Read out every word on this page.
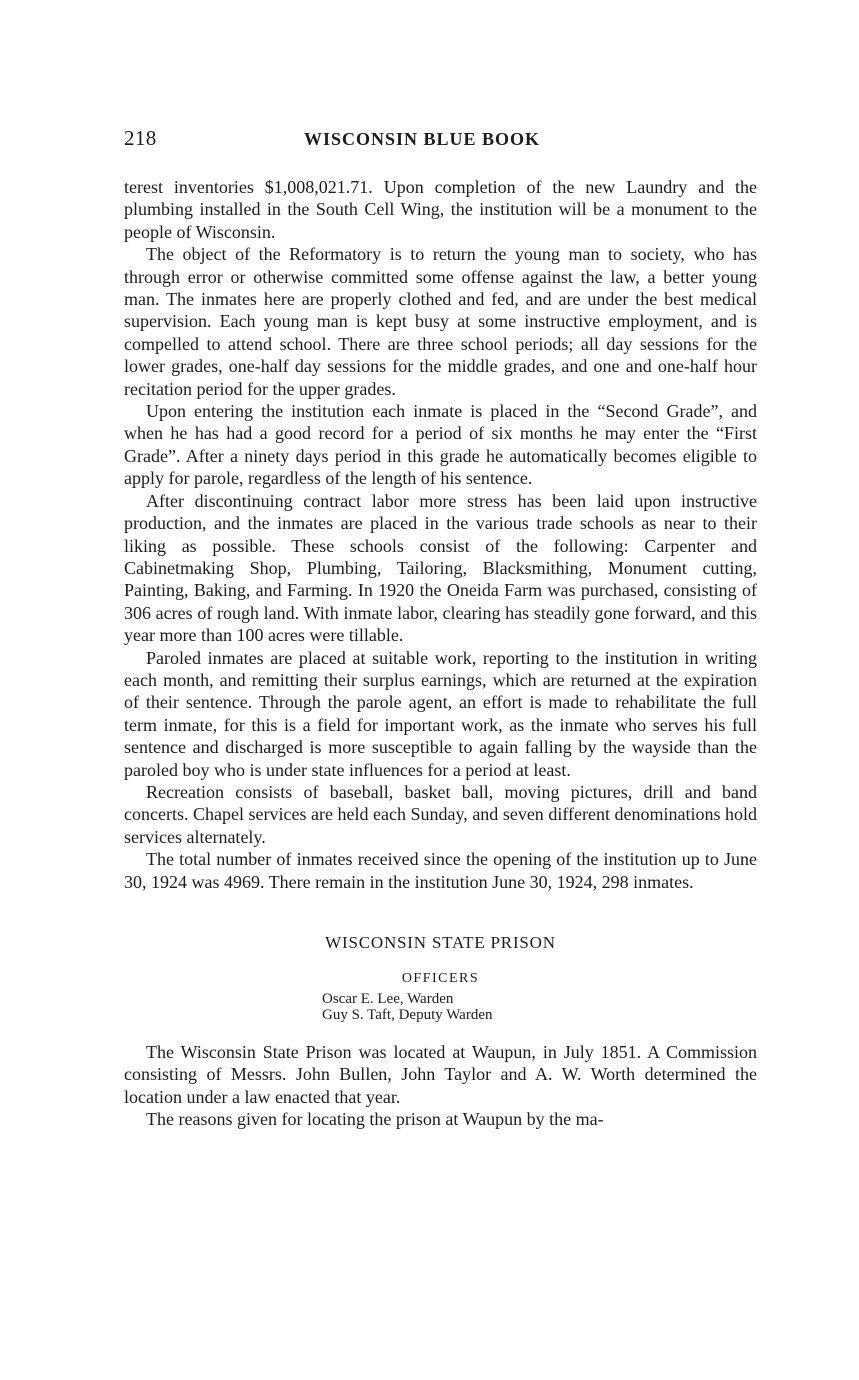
218	WISCONSIN BLUE BOOK

terest inventories $1,008,021.71. Upon completion of the new Laundry and the plumbing installed in the South Cell Wing, the institution will be a monument to the people of Wisconsin.

The object of the Reformatory is to return the young man to society, who has through error or otherwise committed some offense against the law, a better young man. The inmates here are properly clothed and fed, and are under the best medical supervision. Each young man is kept busy at some instructive employment, and is compelled to attend school. There are three school periods; all day sessions for the lower grades, one-half day sessions for the middle grades, and one and one-half hour recitation period for the upper grades.

Upon entering the institution each inmate is placed in the “Second Grade”, and when he has had a good record for a period of six months he may enter the “First Grade”. After a ninety days period in this grade he automatically becomes eligible to apply for parole, regardless of the length of his sentence.

After discontinuing contract labor more stress has been laid upon instructive production, and the inmates are placed in the various trade schools as near to their liking as possible. These schools consist of the following: Carpenter and Cabinetmaking Shop, Plumbing, Tailoring, Blacksmithing, Monument cutting, Painting, Baking, and Farming. In 1920 the Oneida Farm was purchased, consisting of 306 acres of rough land. With inmate labor, clearing has steadily gone forward, and this year more than 100 acres were tillable.

Paroled inmates are placed at suitable work, reporting to the institution in writing each month, and remitting their surplus earnings, which are returned at the expiration of their sentence. Through the parole agent, an effort is made to rehabilitate the full term inmate, for this is a field for important work, as the inmate who serves his full sentence and discharged is more susceptible to again falling by the wayside than the paroled boy who is under state influences for a period at least.

Recreation consists of baseball, basket ball, moving pictures, drill and band concerts. Chapel services are held each Sunday, and seven different denominations hold services alternately.

The total number of inmates received since the opening of the institution up to June 30, 1924 was 4969. There remain in the institution June 30, 1924, 298 inmates.

WISCONSIN STATE PRISON
OFFICERS
Oscar E. Lee, Warden
Guy S. Taft, Deputy Warden

The Wisconsin State Prison was located at Waupun, in July 1851. A Commission consisting of Messrs. John Bullen, John Taylor and A. W. Worth determined the location under a law enacted that year.

The reasons given for locating the prison at Waupun by the ma-
